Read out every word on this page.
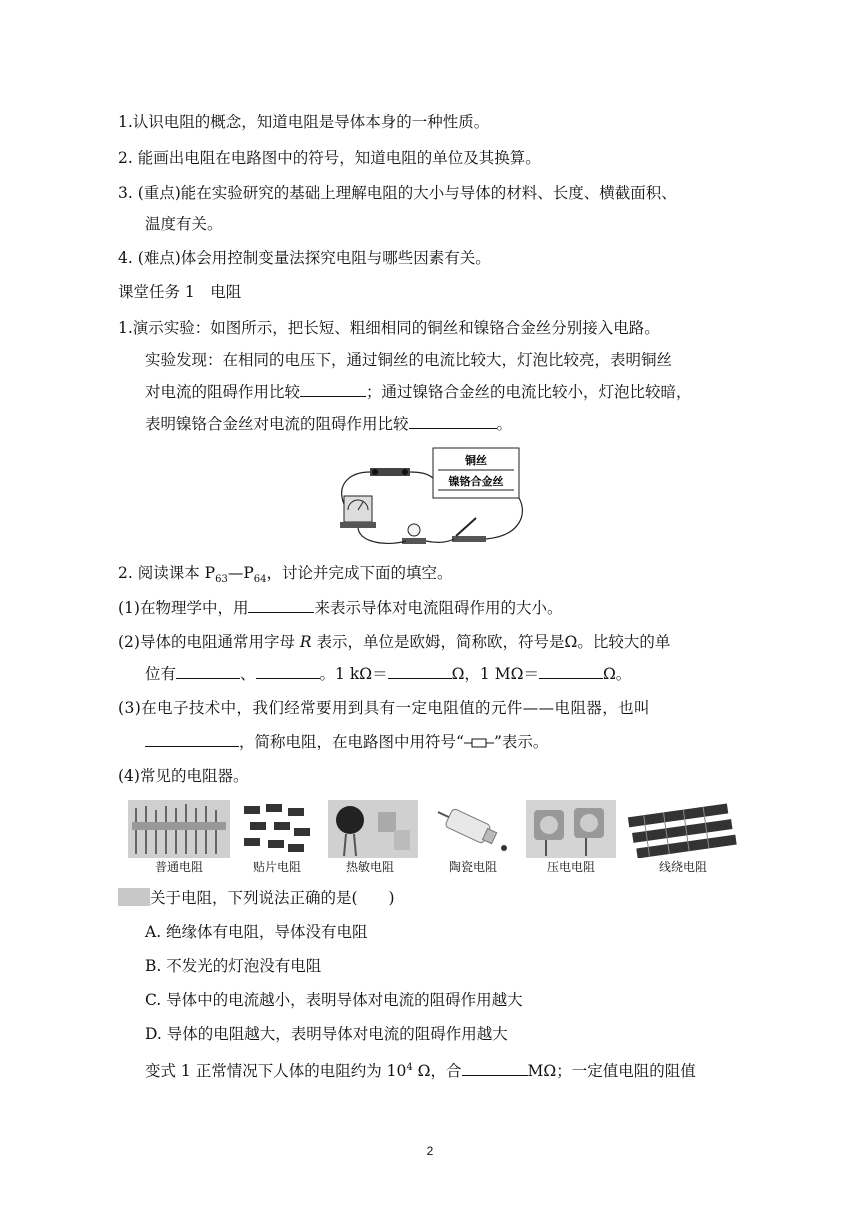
1.认识电阻的概念，知道电阻是导体本身的一种性质。
2. 能画出电阻在电路图中的符号，知道电阻的单位及其换算。
3. (重点)能在实验研究的基础上理解电阻的大小与导体的材料、长度、横截面积、
温度有关。
4. (难点)体会用控制变量法探究电阻与哪些因素有关。
课堂任务 1　电阻
1.演示实验：如图所示，把长短、粗细相同的铜丝和镍铬合金丝分别接入电路。
实验发现：在相同的电压下，通过铜丝的电流比较大，灯泡比较亮，表明铜丝
对电流的阻碍作用比较	；通过镍铬合金丝的电流比较小，灯泡比较暗，
表明镍铬合金丝对电流的阻碍作用比较	。
铜丝
镍铬合金丝
2. 阅读课本 $P_{63}—P_{64}$，讨论并完成下面的填空。
(1)在物理学中，用	来表示导体对电流阻碍作用的大小。
(2)导体的电阻通常用字母 R 表示，单位是欧姆，简称欧，符号是Ω。比较大的单
位有	、	。1 kΩ＝	Ω，1 MΩ＝	Ω。
(3)在电子技术中，我们经常要用到具有一定电阻值的元件——电阻器，也叫
，简称电阻，在电路图中用符号“ ”表示。
(4)常见的电阻器。
普通电阻	贴片电阻	热敏电阻	陶瓷电阻	压电电阻	线绕电阻
关于电阻，下列说法正确的是(　　)
A. 绝缘体有电阻，导体没有电阻
B. 不发光的灯泡没有电阻
C. 导体中的电流越小，表明导体对电流的阻碍作用越大
D. 导体的电阻越大，表明导体对电流的阻碍作用越大
变式 1 正常情况下人体的电阻约为 $10^4$ Ω，合	MΩ；一定值电阻的阻值
2
